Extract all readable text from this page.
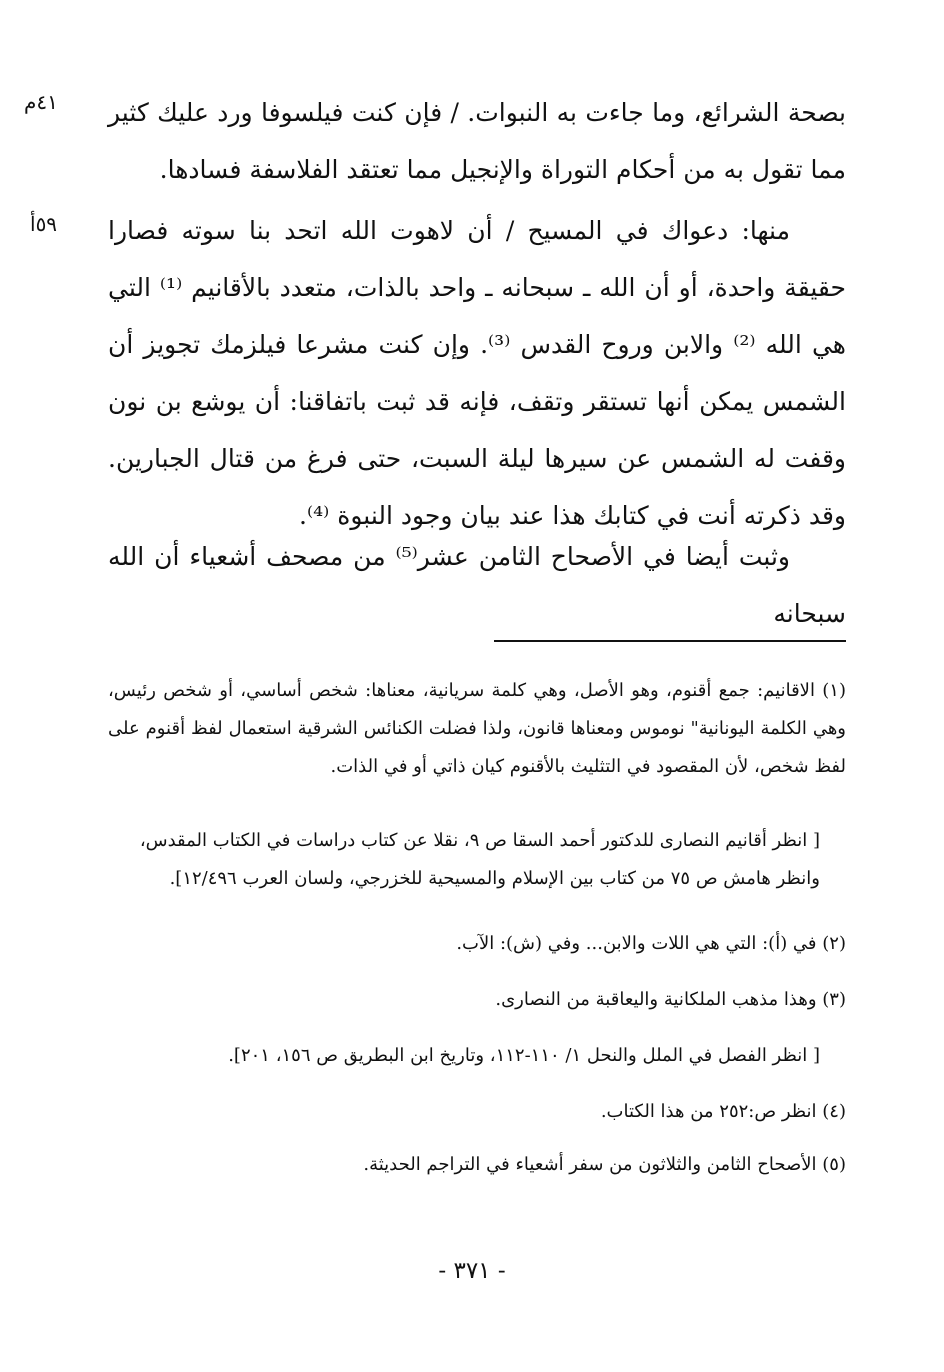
٤١م
٥٩أ

بصحة الشرائع، وما جاءت به النبوات. / فإن كنت فيلسوفا ورد عليك كثير مما تقول به من أحكام التوراة والإنجيل مما تعتقد الفلاسفة فسادها.

منها: دعواك في المسيح / أن لاهوت الله اتحد بنا سوته فصارا حقيقة واحدة، أو أن الله ـ سبحانه ـ واحد بالذات، متعدد بالأقانيم ⁽¹⁾ التي هي الله ⁽²⁾ والابن وروح القدس ⁽³⁾. وإن كنت مشرعا فيلزمك تجويز أن الشمس يمكن أنها تستقر وتقف، فإنه قد ثبت باتفاقنا: أن يوشع بن نون وقفت له الشمس عن سيرها ليلة السبت، حتى فرغ من قتال الجبارين. وقد ذكرته أنت في كتابك هذا عند بيان وجود النبوة ⁽⁴⁾.

وثبت أيضا في الأصحاح الثامن عشر⁽⁵⁾ من مصحف أشعياء أن الله سبحانه

(١) الاقانيم: جمع أقنوم، وهو الأصل، وهي كلمة سريانية، معناها: شخص أساسي، أو شخص رئيس، وهي الكلمة اليونانية" نوموس ومعناها قانون، ولذا فضلت الكنائس الشرقية استعمال لفظ أقنوم على لفظ شخص، لأن المقصود في التثليث بالأقنوم كيان ذاتي أو في الذات.

[ انظر أقانيم النصارى للدكتور أحمد السقا ص ٩، نقلا عن كتاب دراسات في الكتاب المقدس،

وانظر هامش ص ٧٥ من كتاب بين الإسلام والمسيحية للخزرجي، ولسان العرب ١٢/٤٩٦].

(٢) في (أ): التي هي اللات والابن... وفي (ش): الآب.

(٣) وهذا مذهب الملكانية واليعاقبة من النصارى.

[ انظر الفصل في الملل والنحل ١/ ١١٠-١١٢، وتاريخ ابن البطريق ص ١٥٦، ٢٠١].

(٤) انظر ص:٢٥٢ من هذا الكتاب.

(٥) الأصحاح الثامن والثلاثون من سفر أشعياء في التراجم الحديثة.

- ٣٧١ -
